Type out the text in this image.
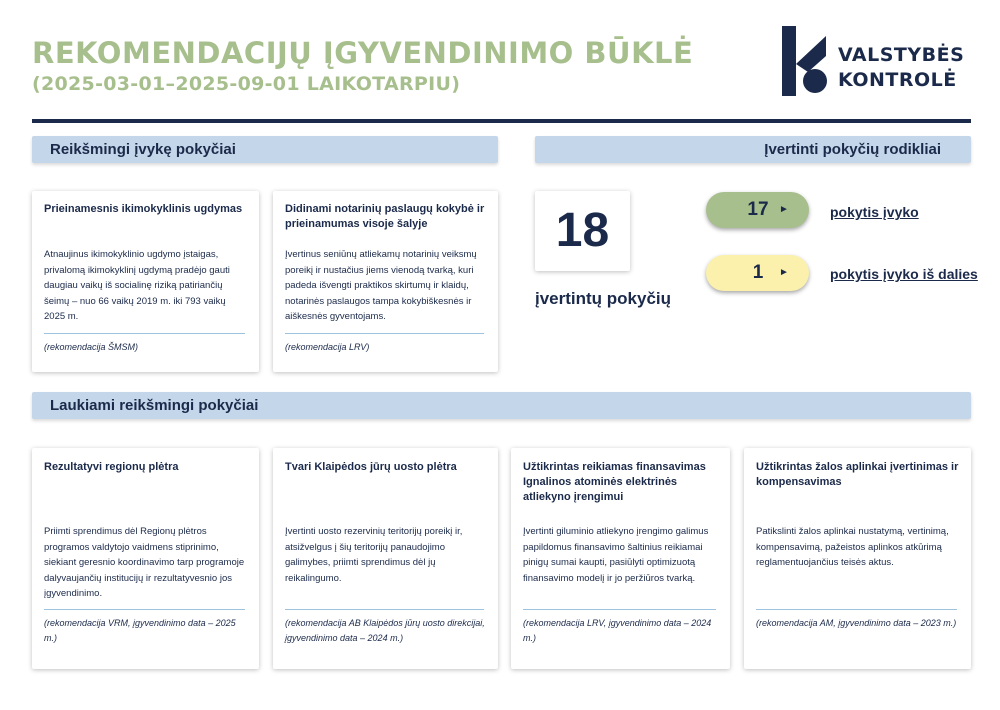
REKOMENDACIJŲ ĮGYVENDINIMO BŪKLĖ
(2025-03-01–2025-09-01 LAIKOTARPIU)
VALSTYBĖS
KONTROLĖ
Reikšmingi įvykę pokyčiai	Įvertinti pokyčių rodikliai
Prieinamesnis ikimokyklinis ugdymas
Atnaujinus ikimokyklinio ugdymo įstaigas, privalomą ikimokyklinį ugdymą pradėjo gauti daugiau vaikų iš socialinę riziką patiriančių šeimų – nuo 66 vaikų 2019 m. iki 793 vaikų 2025 m.
(rekomendacija ŠMSM)
Didinami notarinių paslaugų kokybė ir prieinamumas visoje šalyje
Įvertinus seniūnų atliekamų notarinių veiksmų poreikį ir nustačius jiems vienodą tvarką, kuri padeda išvengti praktikos skirtumų ir klaidų, notarinės paslaugos tampa kokybiškesnės ir aiškesnės gyventojams.
(rekomendacija LRV)
18
įvertintų pokyčių
17	►	pokytis įvyko
1	►	pokytis įvyko iš dalies
Laukiami reikšmingi pokyčiai
Rezultatyvi regionų plėtra
Priimti sprendimus dėl Regionų plėtros programos valdytojo vaidmens stiprinimo, siekiant geresnio koordinavimo tarp programoje dalyvaujančių institucijų ir rezultatyvesnio jos įgyvendinimo.
(rekomendacija VRM, įgyvendinimo data – 2025 m.)
Tvari Klaipėdos jūrų uosto plėtra
Įvertinti uosto rezervinių teritorijų poreikį ir, atsižvelgus į šių teritorijų panaudojimo galimybes, priimti sprendimus dėl jų reikalingumo.
(rekomendacija AB Klaipėdos jūrų uosto direkcijai, įgyvendinimo data – 2024 m.)
Užtikrintas reikiamas finansavimas Ignalinos atominės elektrinės atliekyno įrengimui
Įvertinti giluminio atliekyno įrengimo galimus papildomus finansavimo šaltinius reikiamai pinigų sumai kaupti, pasiūlyti optimizuotą finansavimo modelį ir jo peržiūros tvarką.
(rekomendacija LRV, įgyvendinimo data – 2024 m.)
Užtikrintas žalos aplinkai įvertinimas ir kompensavimas
Patikslinti žalos aplinkai nustatymą, vertinimą, kompensavimą, pažeistos aplinkos atkūrimą reglamentuojančius teisės aktus.
(rekomendacija AM, įgyvendinimo data – 2023 m.)
